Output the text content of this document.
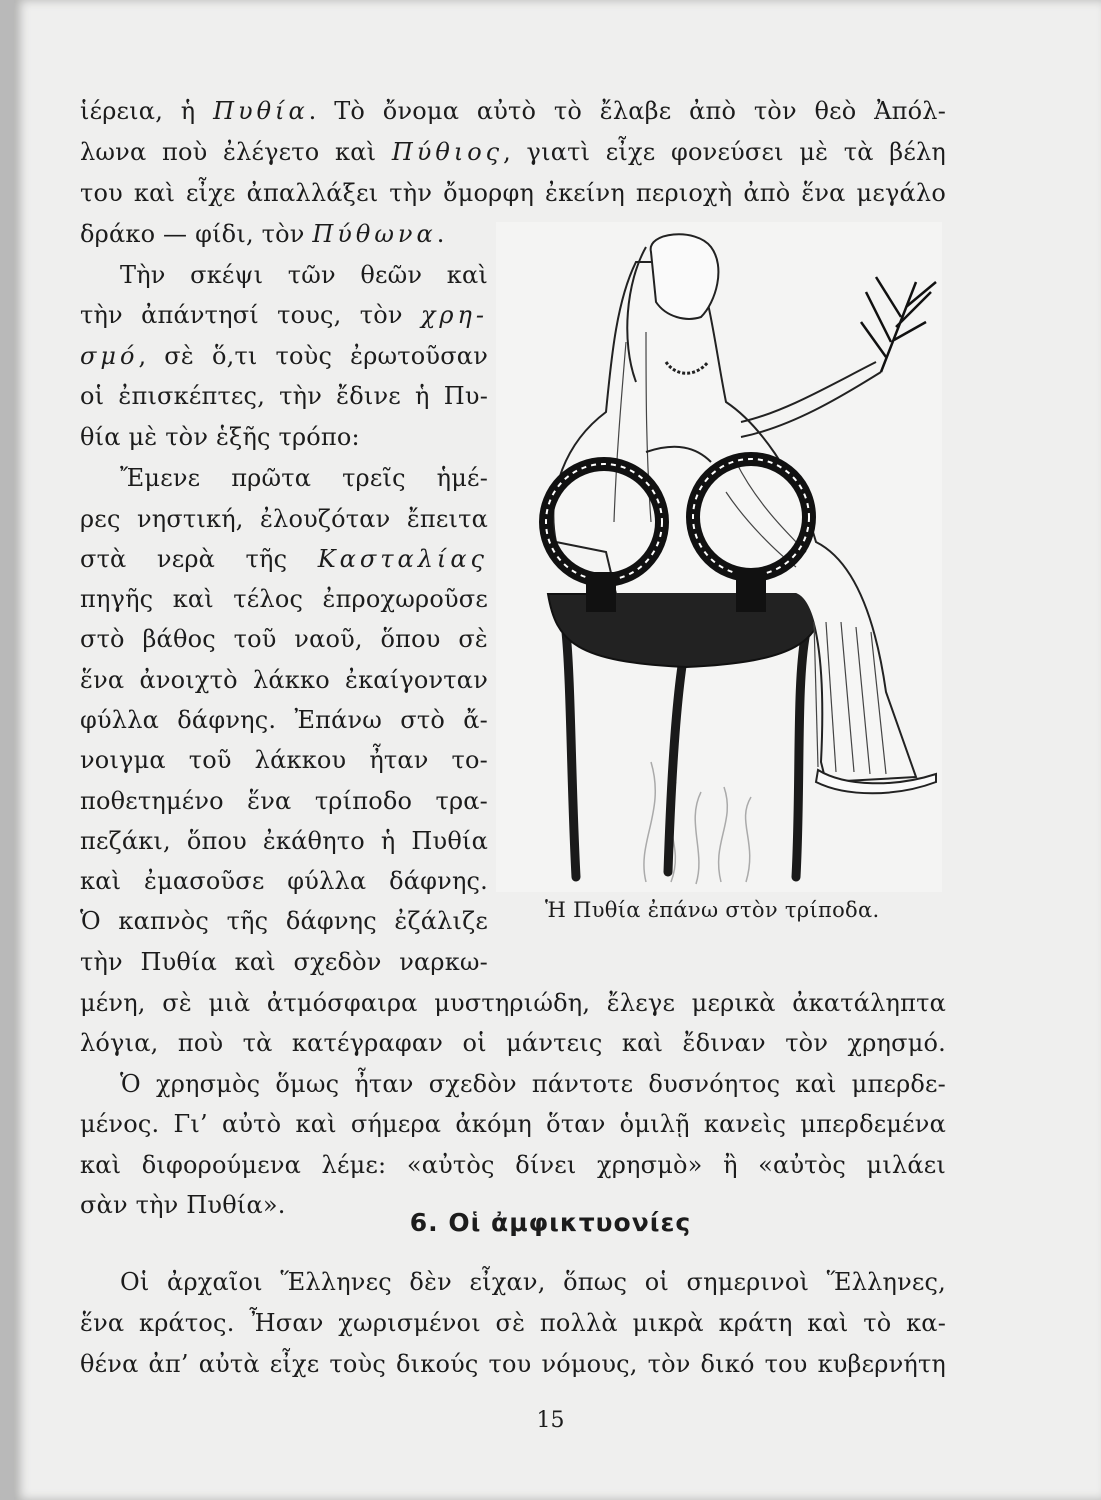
ἱέρεια, ἡ Πυθία. Τὸ ὄνομα αὐτὸ τὸ ἔλαβε ἀπὸ τὸν θεὸ Ἀπόλ-
λωνα ποὺ ἐλέγετο καὶ Πύθιος, γιατὶ εἶχε φονεύσει μὲ τὰ βέλη
του καὶ εἶχε ἀπαλλάξει τὴν ὄμορφη ἐκείνη περιοχὴ ἀπὸ ἕνα μεγάλο
δράκο — φίδι, τὸν Πύθωνα.
Τὴν σκέψι τῶν θεῶν καὶ
τὴν ἀπάντησί τους, τὸν χρη-
σμό, σὲ ὅ,τι τοὺς ἐρωτοῦσαν
οἱ ἐπισκέπτες, τὴν ἔδινε ἡ Πυ-
θία μὲ τὸν ἑξῆς τρόπο:
Ἔμενε πρῶτα τρεῖς ἡμέ-
ρες νηστική, ἐλουζόταν ἔπειτα
στὰ νερὰ τῆς Κασταλίας
πηγῆς καὶ τέλος ἐπροχωροῦσε
στὸ βάθος τοῦ ναοῦ, ὅπου σὲ
ἕνα ἀνοιχτὸ λάκκο ἐκαίγονταν
φύλλα δάφνης. Ἐπάνω στὸ ἄ-
νοιγμα τοῦ λάκκου ἦταν το-
ποθετημένο ἕνα τρίποδο τρα-
πεζάκι, ὅπου ἐκάθητο ἡ Πυθία
καὶ ἐμασοῦσε φύλλα δάφνης.
Ὁ καπνὸς τῆς δάφνης ἐζάλιζε
τὴν Πυθία καὶ σχεδὸν ναρκω-
μένη, σὲ μιὰ ἀτμόσφαιρα μυστηριώδη, ἔλεγε μερικὰ ἀκατάληπτα
λόγια, ποὺ τὰ κατέγραφαν οἱ μάντεις καὶ ἔδιναν τὸν χρησμό.
Ὁ χρησμὸς ὅμως ἦταν σχεδὸν πάντοτε δυσνόητος καὶ μπερδε-
μένος. Γι’ αὐτὸ καὶ σήμερα ἀκόμη ὅταν ὁμιλῇ κανεὶς μπερδεμένα
καὶ διφορούμενα λέμε: «αὐτὸς δίνει χρησμὸ» ἢ «αὐτὸς μιλάει
σὰν τὴν Πυθία».
Ἡ Πυθία ἐπάνω στὸν τρίποδα.
6. Οἱ ἀμφικτυονίες
Οἱ ἀρχαῖοι Ἕλληνες δὲν εἶχαν, ὅπως οἱ σημερινοὶ Ἕλληνες,
ἕνα κράτος. Ἦσαν χωρισμένοι σὲ πολλὰ μικρὰ κράτη καὶ τὸ κα-
θένα ἀπ’ αὐτὰ εἶχε τοὺς δικούς του νόμους, τὸν δικό του κυβερνήτη
15
